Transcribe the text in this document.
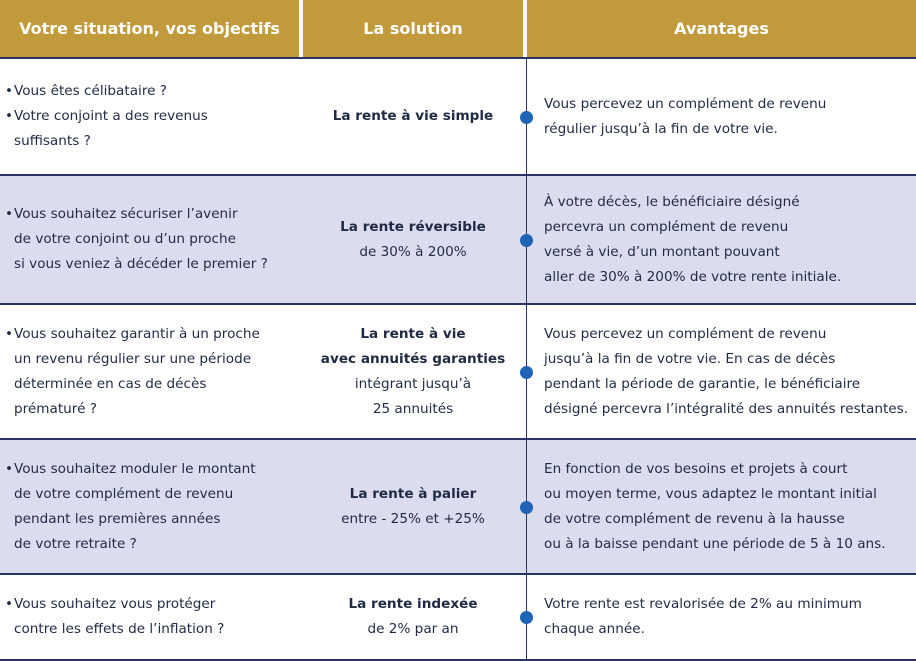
Votre situation, vos objectifs	La solution	Avantages
• Vous êtes célibataire ?
• Votre conjoint a des revenus
suffisants ?
La rente à vie simple
Vous percevez un complément de revenu
régulier jusqu’à la fin de votre vie.
• Vous souhaitez sécuriser l’avenir
de votre conjoint ou d’un proche
si vous veniez à décéder le premier ?
La rente réversible
de 30% à 200%
À votre décès, le bénéficiaire désigné
percevra un complément de revenu
versé à vie, d’un montant pouvant
aller de 30% à 200% de votre rente initiale.
• Vous souhaitez garantir à un proche
un revenu régulier sur une période
déterminée en cas de décès
prématuré ?
La rente à vie
avec annuités garanties
intégrant jusqu’à
25 annuités
Vous percevez un complément de revenu
jusqu’à la fin de votre vie. En cas de décès
pendant la période de garantie, le bénéficiaire
désigné percevra l’intégralité des annuités restantes.
• Vous souhaitez moduler le montant
de votre complément de revenu
pendant les premières années
de votre retraite ?
La rente à palier
entre - 25% et +25%
En fonction de vos besoins et projets à court
ou moyen terme, vous adaptez le montant initial
de votre complément de revenu à la hausse
ou à la baisse pendant une période de 5 à 10 ans.
• Vous souhaitez vous protéger
contre les effets de l’inflation ?
La rente indexée
de 2% par an
Votre rente est revalorisée de 2% au minimum
chaque année.
